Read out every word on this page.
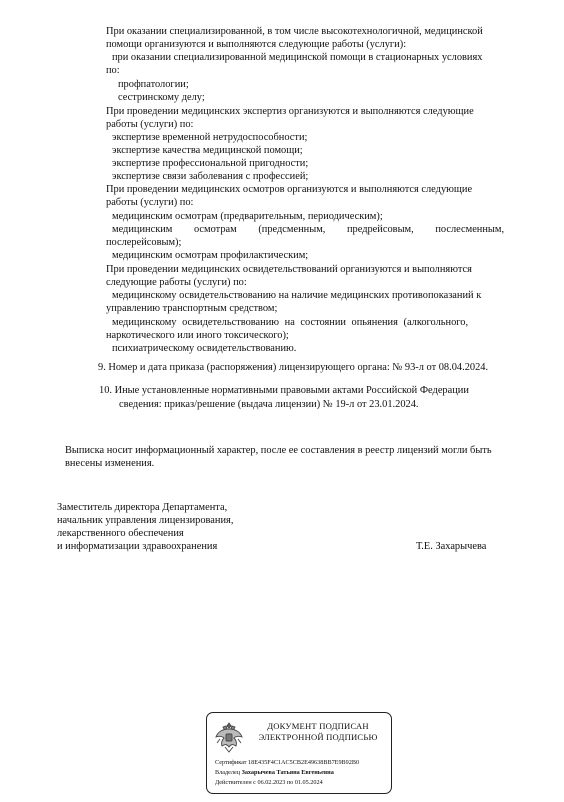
При оказании специализированной, в том числе высокотехнологичной, медицинской
помощи организуются и выполняются следующие работы (услуги):
при оказании специализированной медицинской помощи в стационарных условиях
по:
профпатологии;
сестринскому делу;
При проведении медицинских экспертиз организуются и выполняются следующие
работы (услуги) по:
экспертизе временной нетрудоспособности;
экспертизе качества медицинской помощи;
экспертизе профессиональной пригодности;
экспертизе связи заболевания с профессией;
При проведении медицинских осмотров организуются и выполняются следующие
работы (услуги) по:
медицинским осмотрам (предварительным, периодическим);
медицинским осмотрам (предсменным, предрейсовым, послесменным,
послерейсовым);
медицинским осмотрам профилактическим;
При проведении медицинских освидетельствований организуются и выполняются
следующие работы (услуги) по:
медицинскому освидетельствованию на наличие медицинских противопоказаний к
управлению транспортным средством;
медицинскому освидетельствованию на состоянии опьянения (алкогольного,
наркотического или иного токсического);
психиатрическому освидетельствованию.
9. Номер и дата приказа (распоряжения) лицензирующего органа: № 93-л от 08.04.2024.
10. Иные установленные нормативными правовыми актами Российской Федерации
сведения: приказ/решение (выдача лицензии) № 19-л от 23.01.2024.
Выписка носит информационный характер, после ее составления в реестр лицензий могли быть
внесены изменения.
Заместитель директора Департамента,
начальник управления лицензирования,
лекарственного обеспечения
и информатизации здравоохранения	Т.Е. Захарычева
ДОКУМЕНТ ПОДПИСАН
ЭЛЕКТРОННОЙ ПОДПИСЬЮ
Сертификат 18E435F4C1AC5CB2E49638BB7E9B92B0
Владелец Захарычева Татьяна Евгеньевна
Действителен с 06.02.2023 по 01.05.2024
